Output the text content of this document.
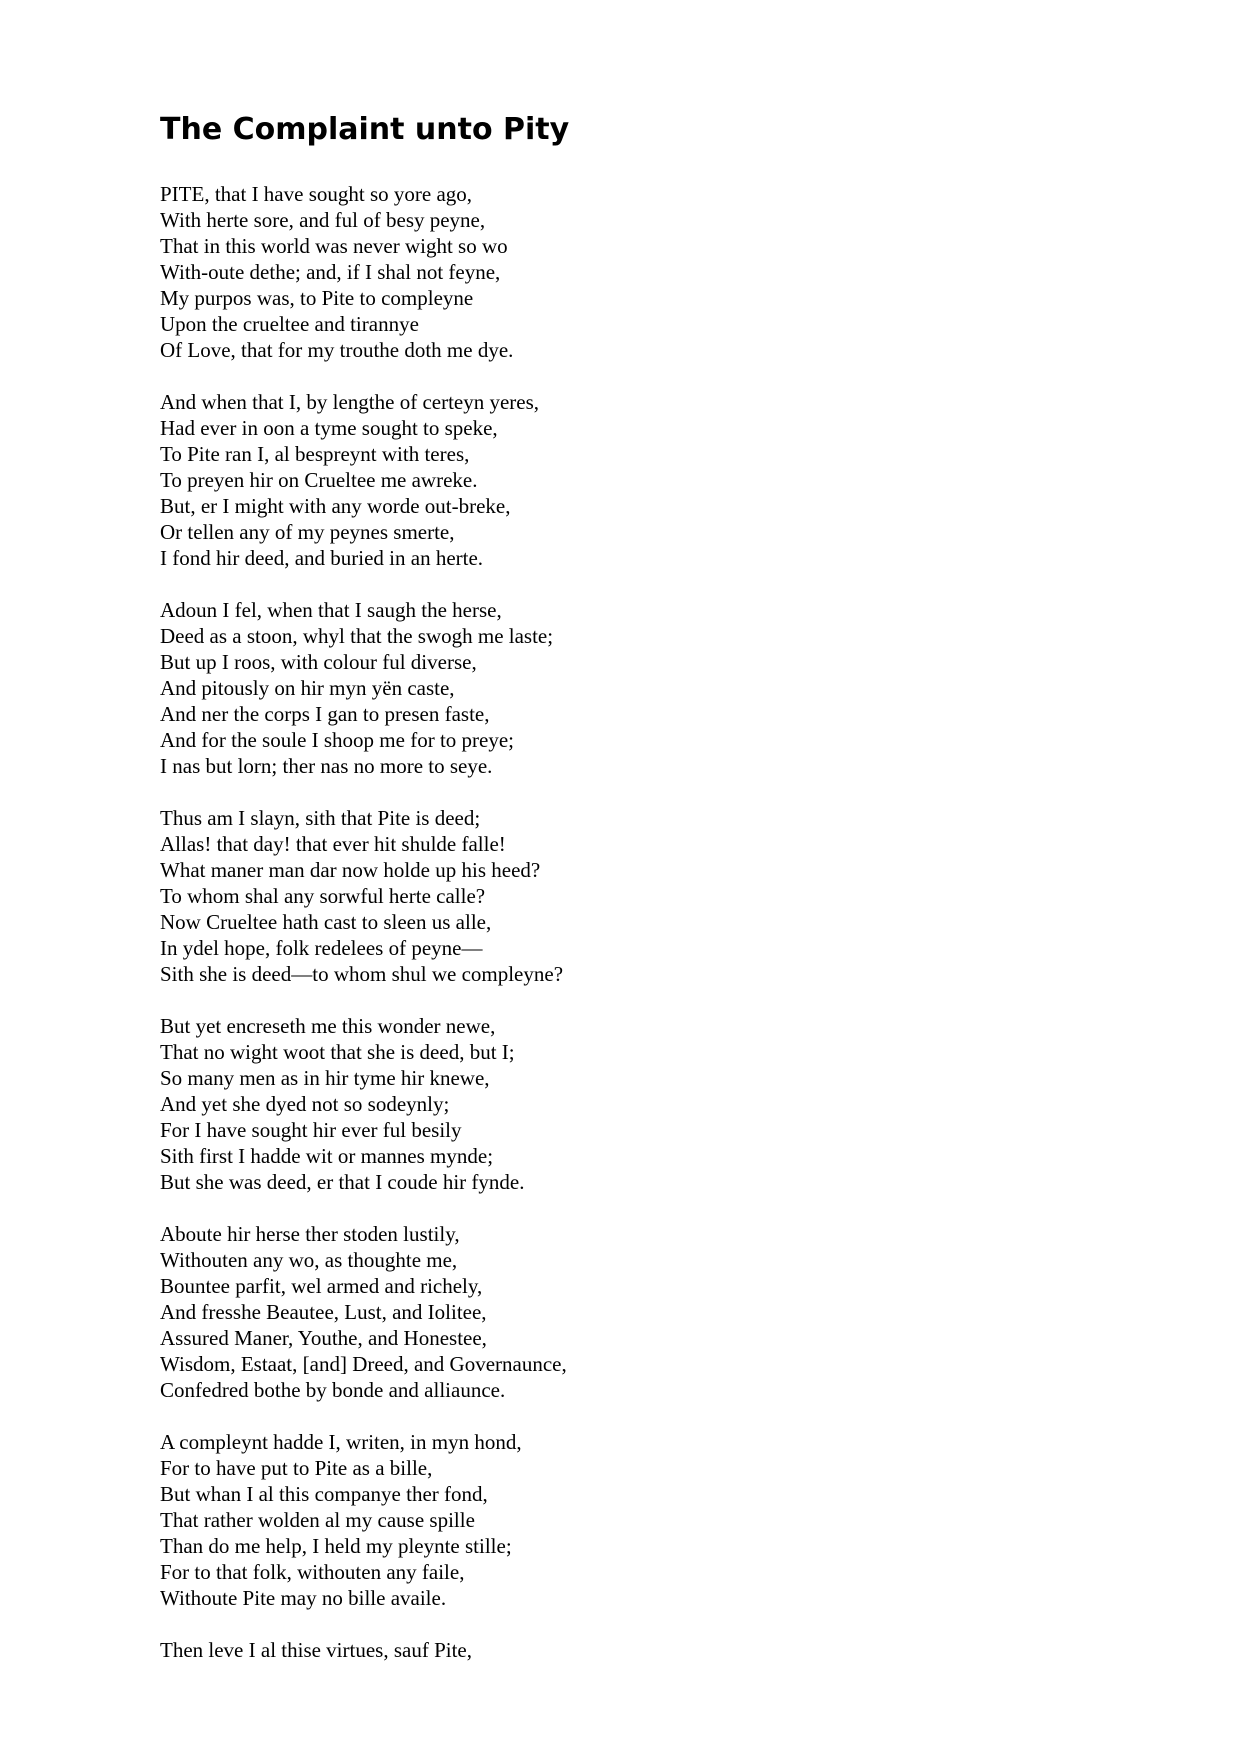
The Complaint unto Pity
PITE, that I have sought so yore ago,
With herte sore, and ful of besy peyne,
That in this world was never wight so wo
With-oute dethe; and, if I shal not feyne,
My purpos was, to Pite to compleyne
Upon the crueltee and tirannye
Of Love, that for my trouthe doth me dye.
And when that I, by lengthe of certeyn yeres,
Had ever in oon a tyme sought to speke,
To Pite ran I, al bespreynt with teres,
To preyen hir on Crueltee me awreke.
But, er I might with any worde out-breke,
Or tellen any of my peynes smerte,
I fond hir deed, and buried in an herte.
Adoun I fel, when that I saugh the herse,
Deed as a stoon, whyl that the swogh me laste;
But up I roos, with colour ful diverse,
And pitously on hir myn yën caste,
And ner the corps I gan to presen faste,
And for the soule I shoop me for to preye;
I nas but lorn; ther nas no more to seye.
Thus am I slayn, sith that Pite is deed;
Allas! that day! that ever hit shulde falle!
What maner man dar now holde up his heed?
To whom shal any sorwful herte calle?
Now Crueltee hath cast to sleen us alle,
In ydel hope, folk redelees of peyne—
Sith she is deed—to whom shul we compleyne?
But yet encreseth me this wonder newe,
That no wight woot that she is deed, but I;
So many men as in hir tyme hir knewe,
And yet she dyed not so sodeynly;
For I have sought hir ever ful besily
Sith first I hadde wit or mannes mynde;
But she was deed, er that I coude hir fynde.
Aboute hir herse ther stoden lustily,
Withouten any wo, as thoughte me,
Bountee parfit, wel armed and richely,
And fresshe Beautee, Lust, and Iolitee,
Assured Maner, Youthe, and Honestee,
Wisdom, Estaat, [and] Dreed, and Governaunce,
Confedred bothe by bonde and alliaunce.
A compleynt hadde I, writen, in myn hond,
For to have put to Pite as a bille,
But whan I al this companye ther fond,
That rather wolden al my cause spille
Than do me help, I held my pleynte stille;
For to that folk, withouten any faile,
Withoute Pite may no bille availe.
Then leve I al thise virtues, sauf Pite,
